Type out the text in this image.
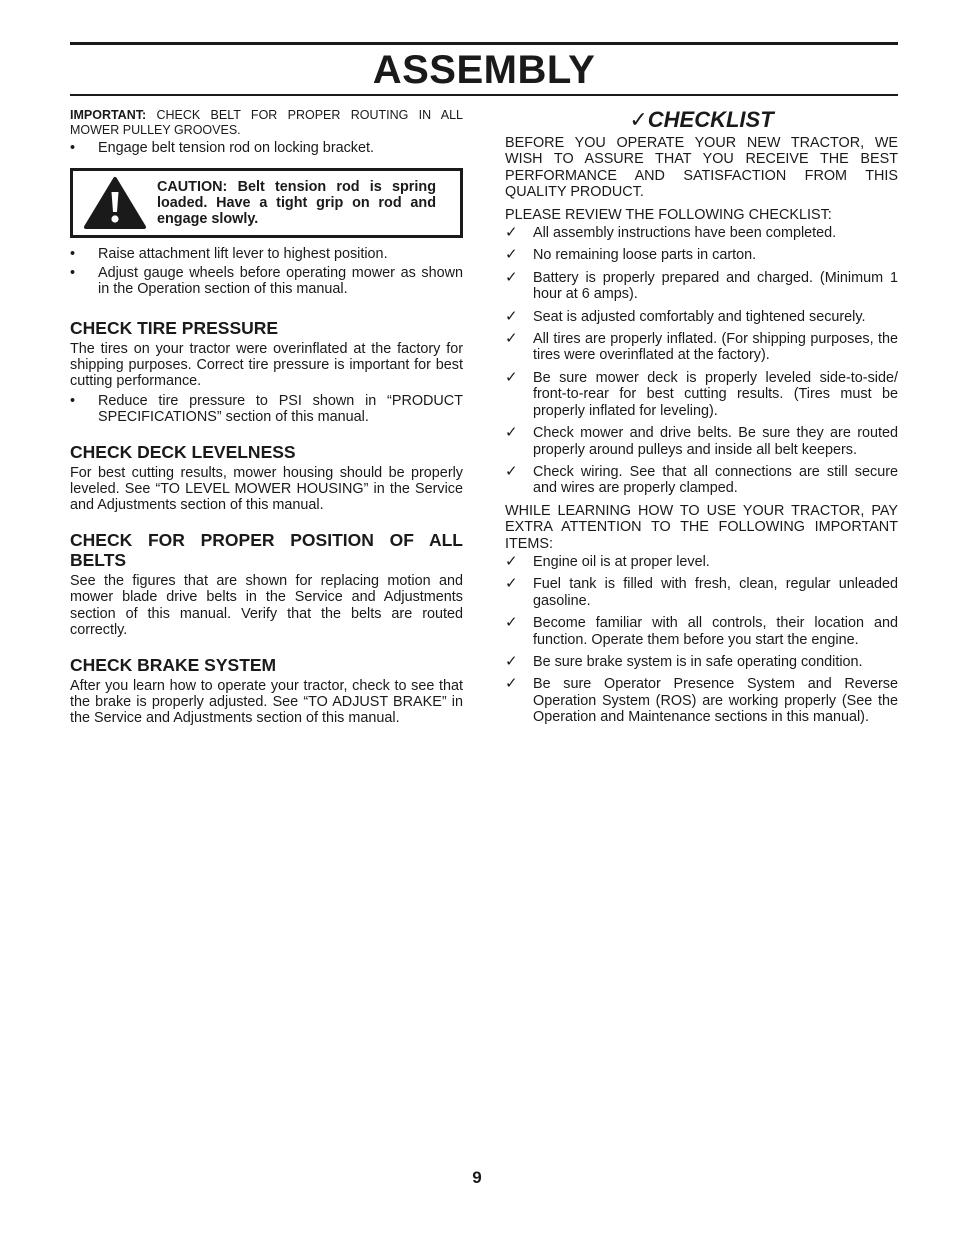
ASSEMBLY

IMPORTANT: CHECK BELT FOR PROPER ROUTING IN ALL MOWER PULLEY GROOVES.

• Engage belt tension rod on locking bracket.

CAUTION: Belt tension rod is spring loaded. Have a tight grip on rod and engage slowly.

• Raise attachment lift lever to highest position.
• Adjust gauge wheels before operating mower as shown in the Operation section of this manual.
CHECK TIRE PRESSURE

The tires on your tractor were overinflated at the factory for shipping purposes. Correct tire pressure is important for best cutting performance.

• Reduce tire pressure to PSI shown in “PRODUCT SPECIFICATIONS” section of this manual.
CHECK DECK LEVELNESS

For best cutting results, mower housing should be properly leveled. See “TO LEVEL MOWER HOUSING” in the Service and Adjustments section of this manual.

CHECK FOR PROPER POSITION OF ALL BELTS

See the figures that are shown for replacing motion and mower blade drive belts in the Service and Adjustments section of this manual. Verify that the belts are routed correctly.

CHECK BRAKE SYSTEM

After you learn how to operate your tractor, check to see that the brake is properly adjusted. See “TO ADJUST BRAKE” in the Service and Adjustments section of this manual.

✓CHECKLIST

BEFORE YOU OPERATE YOUR NEW TRACTOR, WE WISH TO ASSURE THAT YOU RECEIVE THE BEST PERFORMANCE AND SATISFACTION FROM THIS QUALITY PRODUCT.

PLEASE REVIEW THE FOLLOWING CHECKLIST:

✓ All assembly instructions have been completed.
✓ No remaining loose parts in carton.
✓ Battery is properly prepared and charged. (Minimum 1 hour at 6 amps).
✓ Seat is adjusted comfortably and tightened securely.
✓ All tires are properly inflated. (For shipping purposes, the tires were overinflated at the factory).
✓ Be sure mower deck is properly leveled side-to-side/ front-to-rear for best cutting results. (Tires must be properly inflated for leveling).
✓ Check mower and drive belts. Be sure they are routed properly around pulleys and inside all belt keepers.
✓ Check wiring. See that all connections are still secure and wires are properly clamped.

WHILE LEARNING HOW TO USE YOUR TRACTOR, PAY EXTRA ATTENTION TO THE FOLLOWING IMPORTANT ITEMS:

✓ Engine oil is at proper level.
✓ Fuel tank is filled with fresh, clean, regular unleaded gasoline.
✓ Become familiar with all controls, their location and function. Operate them before you start the engine.
✓ Be sure brake system is in safe operating condition.
✓ Be sure Operator Presence System and Reverse Operation System (ROS) are working properly (See the Operation and Maintenance sections in this manual).
9
